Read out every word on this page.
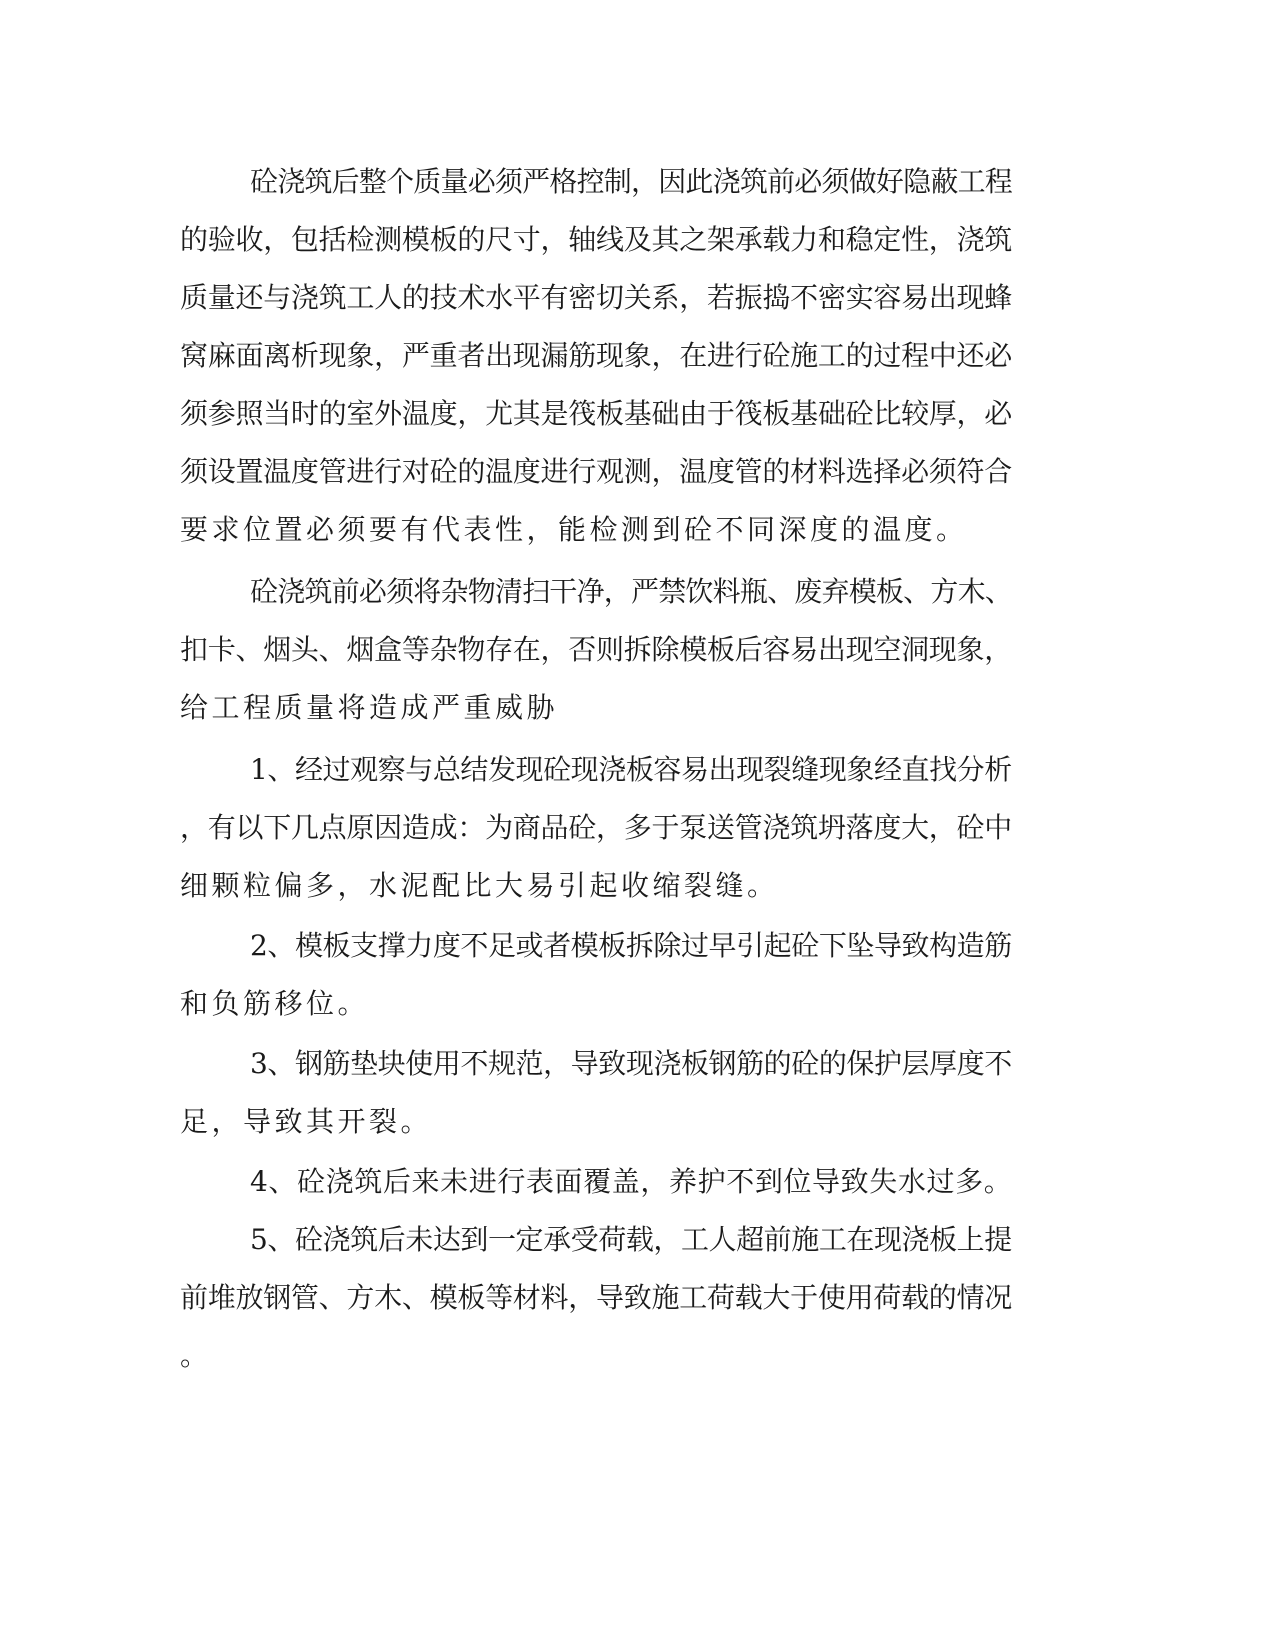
砼浇筑后整个质量必须严格控制，因此浇筑前必须做好隐蔽工程

的验收，包括检测模板的尺寸，轴线及其之架承载力和稳定性，浇筑

质量还与浇筑工人的技术水平有密切关系，若振捣不密实容易出现蜂

窝麻面离析现象，严重者出现漏筋现象，在进行砼施工的过程中还必

须参照当时的室外温度，尤其是筏板基础由于筏板基础砼比较厚，必

须设置温度管进行对砼的温度进行观测，温度管的材料选择必须符合

要求位置必须要有代表性，能检测到砼不同深度的温度。

砼浇筑前必须将杂物清扫干净，严禁饮料瓶、废弃模板、方木、

扣卡、烟头、烟盒等杂物存在，否则拆除模板后容易出现空洞现象，

给工程质量将造成严重威胁

1、经过观察与总结发现砼现浇板容易出现裂缝现象经直找分析

，有以下几点原因造成：为商品砼，多于泵送管浇筑坍落度大，砼中

细颗粒偏多，水泥配比大易引起收缩裂缝。

2、模板支撑力度不足或者模板拆除过早引起砼下坠导致构造筋

和负筋移位。

3、钢筋垫块使用不规范，导致现浇板钢筋的砼的保护层厚度不

足，导致其开裂。

4、砼浇筑后来未进行表面覆盖，养护不到位导致失水过多。

5、砼浇筑后未达到一定承受荷载，工人超前施工在现浇板上提

前堆放钢管、方木、模板等材料，导致施工荷载大于使用荷载的情况

。
